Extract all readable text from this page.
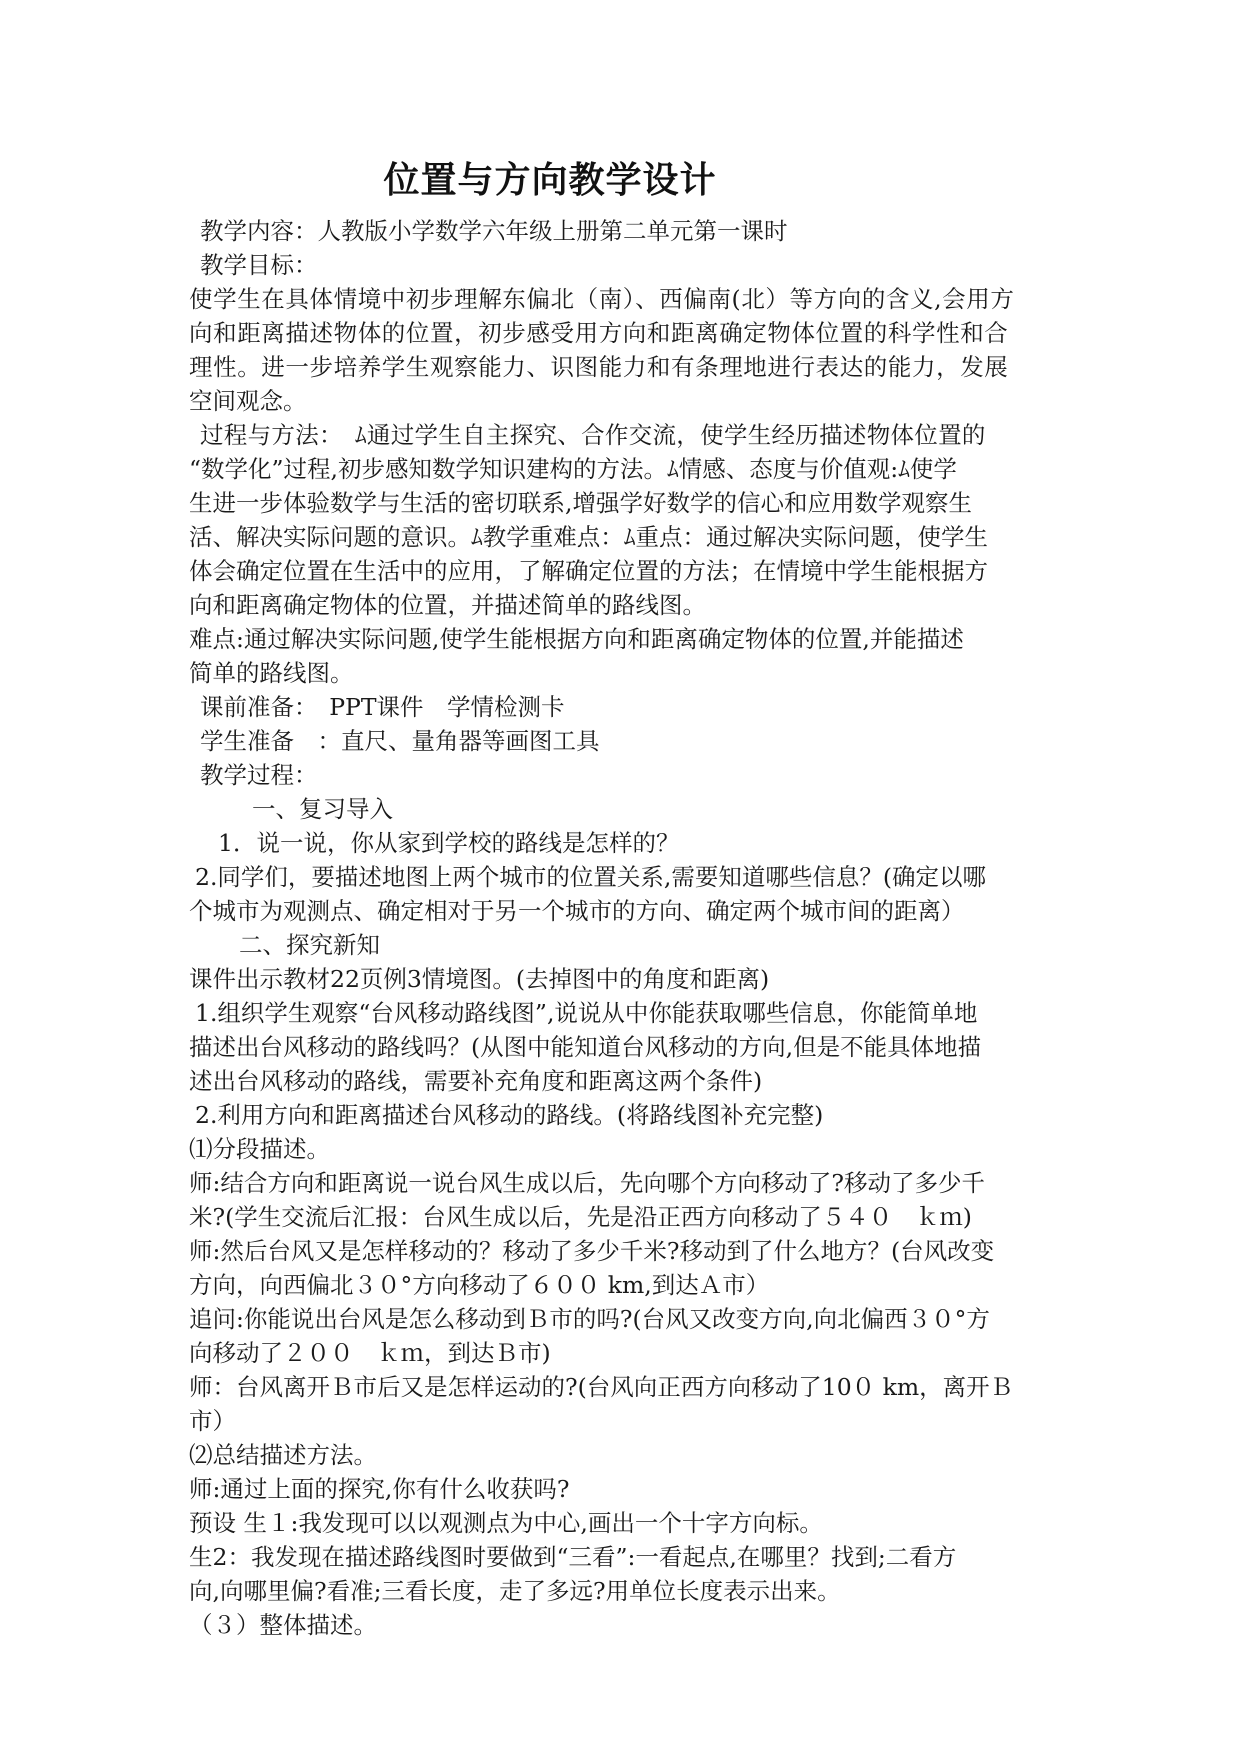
位置与方向教学设计
教学内容：人教版小学数学六年级上册第二单元第一课时
教学目标：
使学生在具体情境中初步理解东偏北（南）、西偏南(北）等方向的含义,会用方
向和距离描述物体的位置，初步感受用方向和距离确定物体位置的科学性和合
理性。进一步培养学生观察能力、识图能力和有条理地进行表达的能力，发展
空间观念。
过程与方法：　ﾑ通过学生自主探究、合作交流，使学生经历描述物体位置的
“数学化”过程,初步感知数学知识建构的方法。ﾑ情感、态度与价值观:ﾑ使学
生进一步体验数学与生活的密切联系,增强学好数学的信心和应用数学观察生
活、解决实际问题的意识。ﾑ教学重难点：ﾑ重点：通过解决实际问题，使学生
体会确定位置在生活中的应用，了解确定位置的方法；在情境中学生能根据方
向和距离确定物体的位置，并描述简单的路线图。
难点:通过解决实际问题,使学生能根据方向和距离确定物体的位置,并能描述
简单的路线图。
课前准备：　PPT课件　学情检测卡
学生准备　：直尺、量角器等画图工具
教学过程：
一、复习导入
1．说一说，你从家到学校的路线是怎样的？
2.同学们，要描述地图上两个城市的位置关系,需要知道哪些信息？(确定以哪
个城市为观测点、确定相对于另一个城市的方向、确定两个城市间的距离）
二、探究新知
课件出示教材22页例3情境图。(去掉图中的角度和距离)
1.组织学生观察“台风移动路线图”,说说从中你能获取哪些信息，你能简单地
描述出台风移动的路线吗？(从图中能知道台风移动的方向,但是不能具体地描
述出台风移动的路线，需要补充角度和距离这两个条件)
2.利用方向和距离描述台风移动的路线。(将路线图补充完整)
⑴分段描述。
师:结合方向和距离说一说台风生成以后，先向哪个方向移动了?移动了多少千
米?(学生交流后汇报：台风生成以后，先是沿正西方向移动了５４０　ｋｍ)
师:然后台风又是怎样移动的？移动了多少千米?移动到了什么地方？(台风改变
方向，向西偏北３０°方向移动了６００ km,到达Ａ市）
追问:你能说出台风是怎么移动到Ｂ市的吗?(台风又改变方向,向北偏西３０°方
向移动了２００　ｋｍ，到达Ｂ市)
师：台风离开Ｂ市后又是怎样运动的?(台风向正西方向移动了10０ km，离开Ｂ
市）
⑵总结描述方法。
师:通过上面的探究,你有什么收获吗?
预设 生１:我发现可以以观测点为中心,画出一个十字方向标。
生2：我发现在描述路线图时要做到“三看”:一看起点,在哪里？找到;二看方
向,向哪里偏?看准;三看长度，走了多远?用单位长度表示出来。
（３）整体描述。
